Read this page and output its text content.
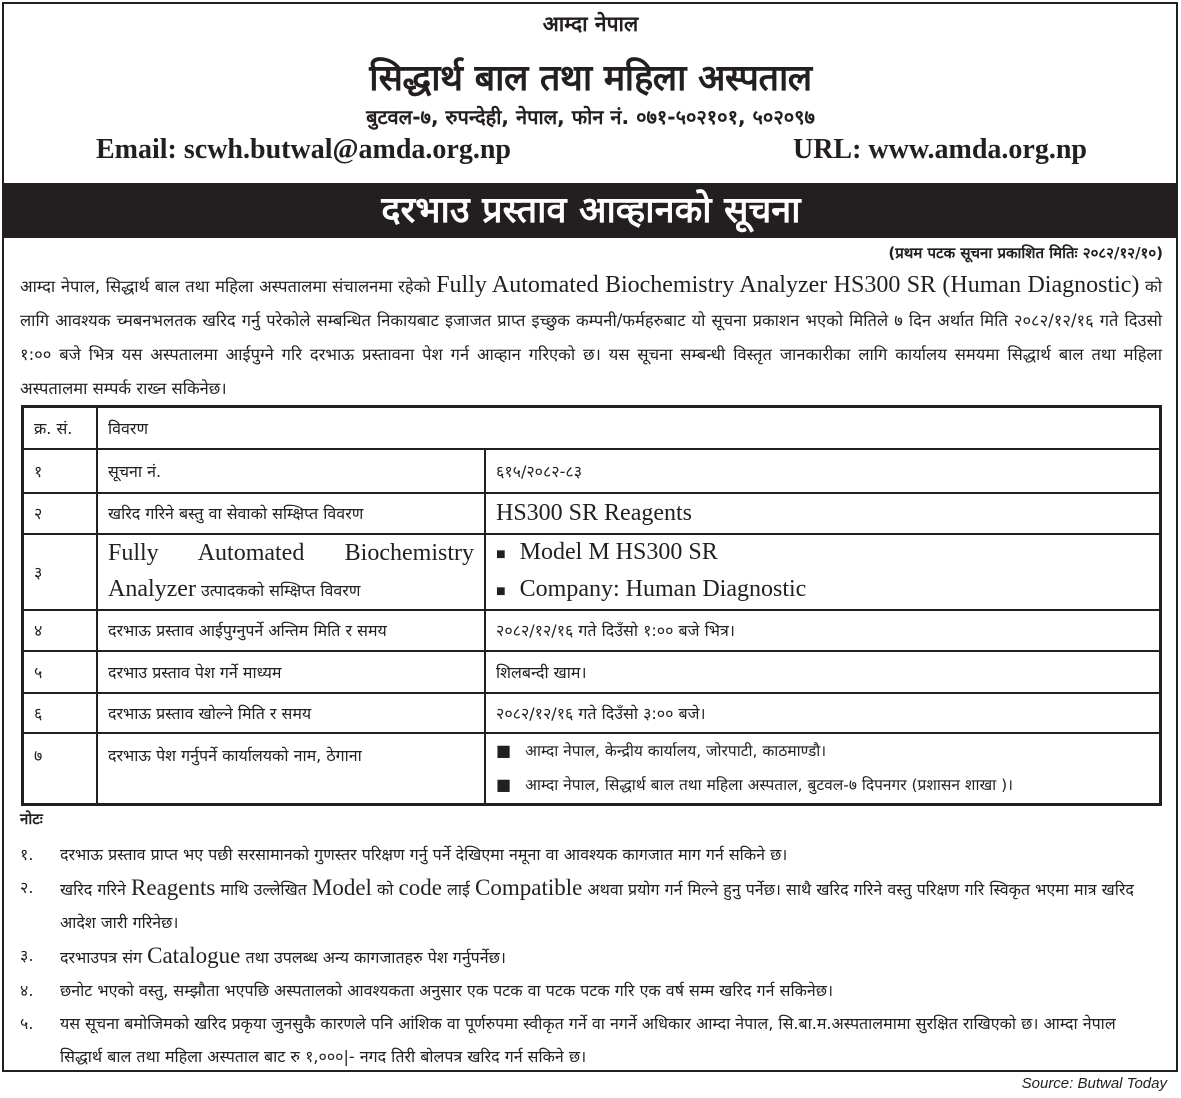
आम्दा नेपाल
सिद्धार्थ बाल तथा महिला अस्पताल
बुटवल-७, रुपन्देही, नेपाल, फोन नं. ०७१-५०२१०१, ५०२०९७
Email: scwh.butwal@amda.org.np	URL: www.amda.org.np
दरभाउ प्रस्ताव आव्हानको सूचना
(प्रथम पटक सूचना प्रकाशित मितिः २०८२/१२/१०)
आम्दा नेपाल, सिद्धार्थ बाल तथा महिला अस्पतालमा संचालनमा रहेको Fully Automated Biochemistry Analyzer HS300 SR (Human Diagnostic) को लागि आवश्यक च्मबनभलतक खरिद गर्नु परेकोले सम्बन्धित निकायबाट इजाजत प्राप्त इच्छुक कम्पनी/फर्महरुबाट यो सूचना प्रकाशन भएको मितिले ७ दिन अर्थात मिति २०८२/१२/१६ गते दिउसो १:०० बजे भित्र यस अस्पतालमा आईपुग्ने गरि दरभाऊ प्रस्तावना पेश गर्न आव्हान गरिएको छ। यस सूचना सम्बन्धी विस्तृत जानकारीका लागि कार्यालय समयमा सिद्धार्थ बाल तथा महिला अस्पतालमा सम्पर्क राख्न सकिनेछ।
क्र. सं.	विवरण	
१	सूचना नं.	६१५/२०८२-८३
२	खरिद गरिने बस्तु वा सेवाको सम्क्षिप्त विवरण	HS300 SR Reagents
३	Fully Automated Biochemistry Analyzer उत्पादकको सम्क्षिप्त विवरण	■ Model M HS300 SR
■ Company: Human Diagnostic

४	दरभाऊ प्रस्ताव आईपुग्नुपर्ने अन्तिम मिति र समय	२०८२/१२/१६ गते दिउँसो १:०० बजे भित्र।
५	दरभाउ प्रस्ताव पेश गर्ने माध्यम	शिलबन्दी खाम।
६	दरभाऊ प्रस्ताव खोल्ने मिति र समय	२०८२/१२/१६ गते दिउँसो ३:०० बजे।
७	दरभाऊ पेश गर्नुपर्ने कार्यालयको नाम, ठेगाना	■ आम्दा नेपाल, केन्द्रीय कार्यालय, जोरपाटी, काठमाण्डौ।
■ आम्दा नेपाल, सिद्धार्थ बाल तथा महिला अस्पताल, बुटवल-७ दिपनगर (प्रशासन शाखा )।
नोटः
१.	दरभाऊ प्रस्ताव प्राप्त भए पछी सरसामानको गुणस्तर परिक्षण गर्नु पर्ने देखिएमा नमूना वा आवश्यक कागजात माग गर्न सकिने छ।
२.	खरिद गरिने Reagents माथि उल्लेखित Model को code लाई Compatible अथवा प्रयोग गर्न मिल्ने हुनु पर्नेछ। साथै खरिद गरिने वस्तु परिक्षण गरि स्विकृत भएमा मात्र खरिद आदेश जारी गरिनेछ।
३.	दरभाउपत्र संग Catalogue तथा उपलब्ध अन्य कागजातहरु पेश गर्नुपर्नेछ।
४.	छनोट भएको वस्तु, सम्झौता भएपछि अस्पतालको आवश्यकता अनुसार एक पटक वा पटक पटक गरि एक वर्ष सम्म खरिद गर्न सकिनेछ।
५.	यस सूचना बमोजिमको खरिद प्रकृया जुनसुकै कारणले पनि आंशिक वा पूर्णरुपमा स्वीकृत गर्ने वा नगर्ने अधिकार आम्दा नेपाल, सि.बा.म.अस्पतालमामा सुरक्षित राखिएको छ। आम्दा नेपाल सिद्धार्थ बाल तथा महिला अस्पताल बाट रु १,०००|- नगद तिरी बोलपत्र खरिद गर्न सकिने छ।
Source: Butwal Today
